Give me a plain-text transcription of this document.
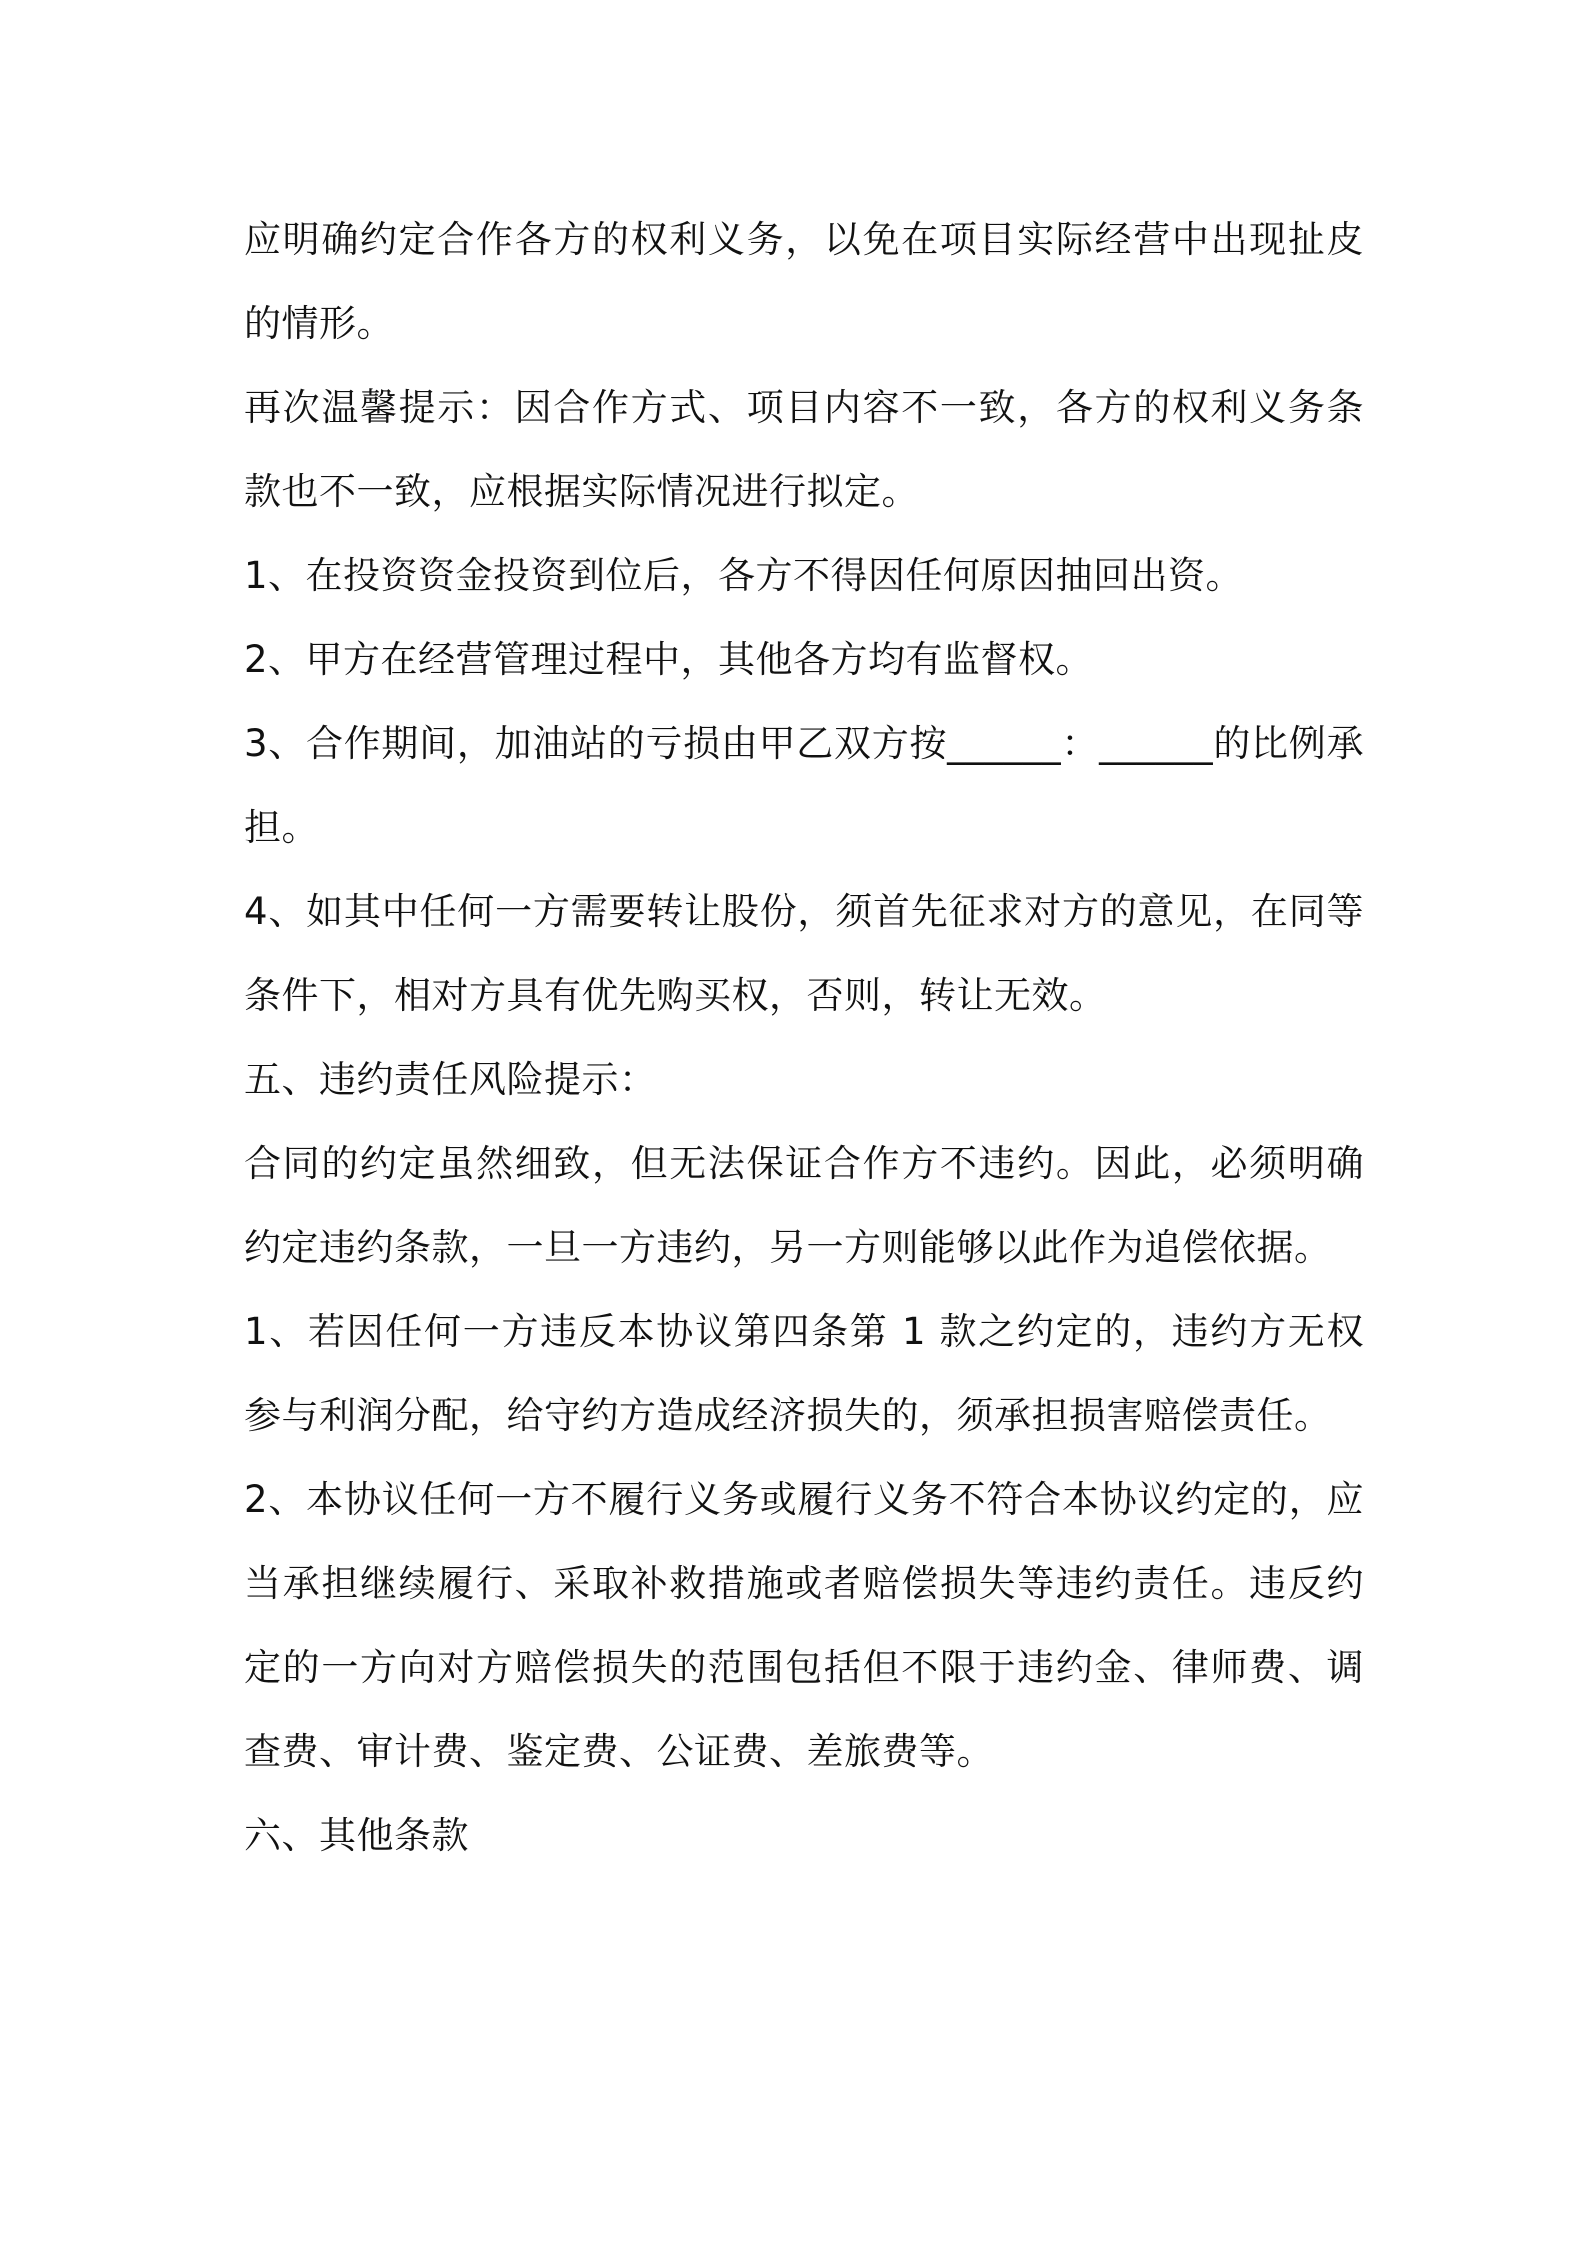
应明确约定合作各方的权利义务，以免在项目实际经营中出现扯皮的情形。

再次温馨提示：因合作方式、项目内容不一致，各方的权利义务条款也不一致，应根据实际情况进行拟定。

1、在投资资金投资到位后，各方不得因任何原因抽回出资。

2、甲方在经营管理过程中，其他各方均有监督权。

3、合作期间，加油站的亏损由甲乙双方按______：______的比例承担。

4、如其中任何一方需要转让股份，须首先征求对方的意见，在同等条件下，相对方具有优先购买权，否则，转让无效。

五、违约责任风险提示：

合同的约定虽然细致，但无法保证合作方不违约。因此，必须明确约定违约条款，一旦一方违约，另一方则能够以此作为追偿依据。

1、若因任何一方违反本协议第四条第 1 款之约定的，违约方无权参与利润分配，给守约方造成经济损失的，须承担损害赔偿责任。

2、本协议任何一方不履行义务或履行义务不符合本协议约定的，应当承担继续履行、采取补救措施或者赔偿损失等违约责任。违反约定的一方向对方赔偿损失的范围包括但不限于违约金、律师费、调查费、审计费、鉴定费、公证费、差旅费等。

六、其他条款
